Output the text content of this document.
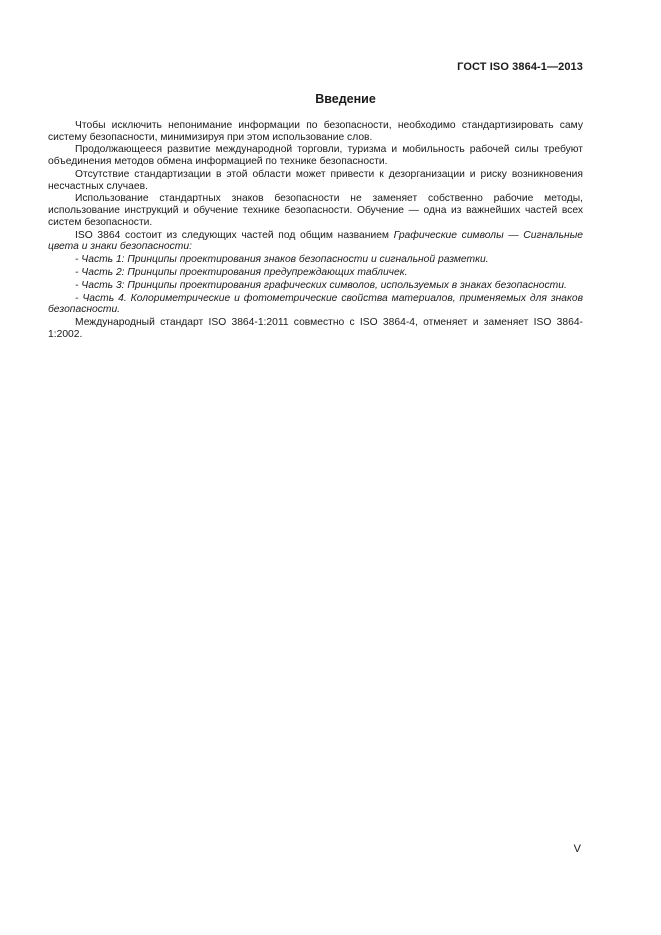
ГОСТ ISO 3864-1—2013
Введение

Чтобы исключить непонимание информации по безопасности, необходимо стандартизировать саму систему безопасности, минимизируя при этом использование слов.

Продолжающееся развитие международной торговли, туризма и мобильность рабочей силы требуют объединения методов обмена информацией по технике безопасности.

Отсутствие стандартизации в этой области может привести к дезорганизации и риску возникновения несчастных случаев.

Использование стандартных знаков безопасности не заменяет собственно рабочие методы, использование инструкций и обучение технике безопасности. Обучение — одна из важнейших частей всех систем безопасности.

ISO 3864 состоит из следующих частей под общим названием Графические символы — Сигнальные цвета и знаки безопасности:

- Часть 1: Принципы проектирования знаков безопасности и сигнальной разметки.

- Часть 2: Принципы проектирования предупреждающих табличек.

- Часть 3: Принципы проектирования графических символов, используемых в знаках безопасности.

- Часть 4. Колориметрические и фотометрические свойства материалов, применяемых для знаков безопасности.

Международный стандарт ISO 3864-1:2011 совместно с ISO 3864-4, отменяет и заменяет ISO 3864-1:2002.

V
